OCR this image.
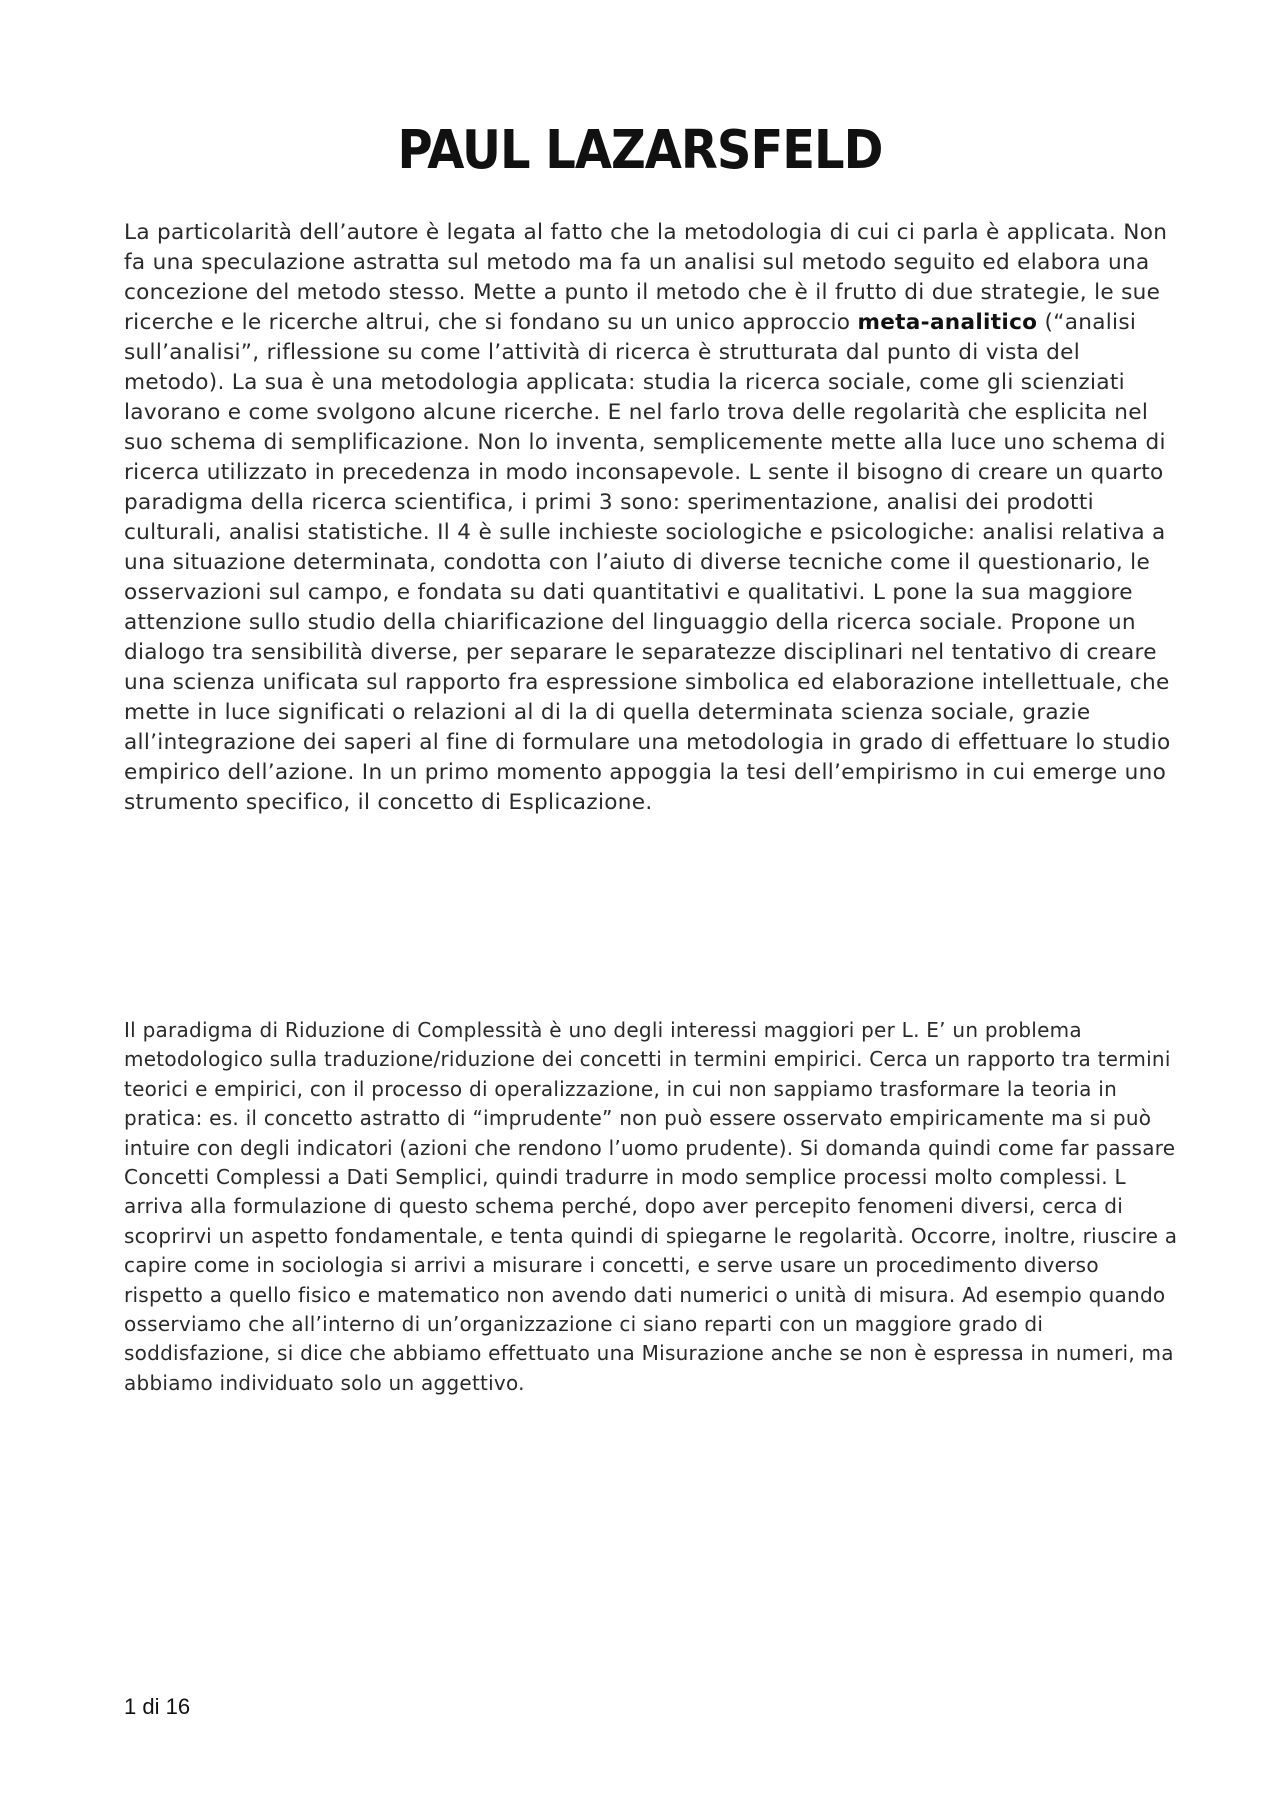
PAUL LAZARSFELD

La particolarità dell’autore è legata al fatto che la metodologia di cui ci parla è applicata. Non fa una speculazione astratta sul metodo ma fa un analisi sul metodo seguito ed elabora una concezione del metodo stesso. Mette a punto il metodo che è il frutto di due strategie, le sue ricerche e le ricerche altrui, che si fondano su un unico approccio meta-analitico (“analisi sull’analisi”, riflessione su come l’attività di ricerca è strutturata dal punto di vista del metodo). La sua è una metodologia applicata: studia la ricerca sociale, come gli scienziati lavorano e come svolgono alcune ricerche. E nel farlo trova delle regolarità che esplicita nel suo schema di semplificazione. Non lo inventa, semplicemente mette alla luce uno schema di ricerca utilizzato in precedenza in modo inconsapevole. L sente il bisogno di creare un quarto paradigma della ricerca scientifica, i primi 3 sono: sperimentazione, analisi dei prodotti culturali, analisi statistiche. Il 4 è sulle inchieste sociologiche e psicologiche: analisi relativa a una situazione determinata, condotta con l’aiuto di diverse tecniche come il questionario, le osservazioni sul campo, e fondata su dati quantitativi e qualitativi. L pone la sua maggiore attenzione sullo studio della chiarificazione del linguaggio della ricerca sociale. Propone un dialogo tra sensibilità diverse, per separare le separatezze disciplinari nel tentativo di creare una scienza unificata sul rapporto fra espressione simbolica ed elaborazione intellettuale, che mette in luce significati o relazioni al di la di quella determinata scienza sociale, grazie all’integrazione dei saperi al fine di formulare una metodologia in grado di effettuare lo studio empirico dell’azione. In un primo momento appoggia la tesi dell’empirismo in cui emerge uno strumento specifico, il concetto di Esplicazione.

Il paradigma di Riduzione di Complessità è uno degli interessi maggiori per L. E’ un problema metodologico sulla traduzione/riduzione dei concetti in termini empirici. Cerca un rapporto tra termini teorici e empirici, con il processo di operalizzazione, in cui non sappiamo trasformare la teoria in pratica: es. il concetto astratto di “imprudente” non può essere osservato empiricamente ma si può intuire con degli indicatori (azioni che rendono l’uomo prudente). Si domanda quindi come far passare Concetti Complessi a Dati Semplici, quindi tradurre in modo semplice processi molto complessi. L arriva alla formulazione di questo schema perché, dopo aver percepito fenomeni diversi, cerca di scoprirvi un aspetto fondamentale, e tenta quindi di spiegarne le regolarità. Occorre, inoltre, riuscire a capire come in sociologia si arrivi a misurare i concetti, e serve usare un procedimento diverso rispetto a quello fisico e matematico non avendo dati numerici o unità di misura. Ad esempio quando osserviamo che all’interno di un’organizzazione ci siano reparti con un maggiore grado di soddisfazione, si dice che abbiamo effettuato una Misurazione anche se non è espressa in numeri, ma abbiamo individuato solo un aggettivo.

1 di 16
